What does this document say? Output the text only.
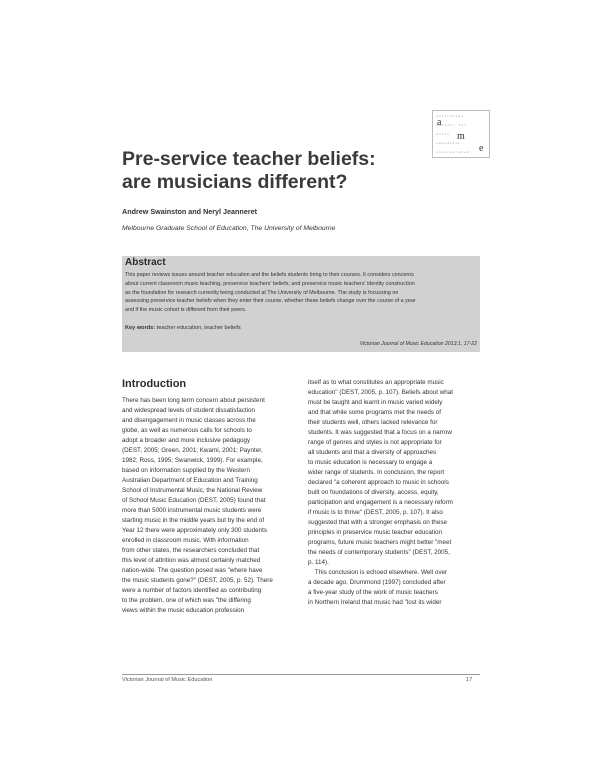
australian
society for
music
education
incorporated
a
m
e
Pre-service teacher beliefs:
are musicians different?
Andrew Swainston and Neryl Jeanneret
Melbourne Graduate School of Education, The University of Melbourne
Abstract
This paper reviews issues around teacher education and the beliefs students bring to their courses. It considers concerns
about current classroom music teaching, preservice teachers' beliefs, and preservice music teachers' identity construction
as the foundation for research currently being conducted at The University of Melbourne. The study is focussing on
assessing preservice teacher beliefs when they enter their course, whether these beliefs change over the course of a year
and if the music cohort is different from their peers.
Key words: teacher education, teacher beliefs
Victorian Journal of Music Education 2013:1, 17-22
Introduction
There has been long term concern about persistent
and widespread levels of student dissatisfaction
and disengagement in music classes across the
globe, as well as numerous calls for schools to
adopt a broader and more inclusive pedagogy
(DEST, 2005; Green, 2001; Kwami, 2001; Paynter,
1982; Ross, 1995; Swanwick, 1999). For example,
based on information supplied by the Western
Australian Department of Education and Training
School of Instrumental Music, the National Review
of School Music Education (DEST, 2005) found that
more than 5000 instrumental music students were
starting music in the middle years but by the end of
Year 12 there were approximately only 300 students
enrolled in classroom music. With information
from other states, the researchers concluded that
this level of attrition was almost certainly matched
nation-wide. The question posed was "where have
the music students gone?" (DEST, 2005, p. 52). There
were a number of factors identified as contributing
to the problem, one of which was "the differing
views within the music education profession
itself as to what constitutes an appropriate music
education" (DEST, 2005, p. 107). Beliefs about what
must be taught and learnt in music varied widely
and that while some programs met the needs of
their students well, others lacked relevance for
students. It was suggested that a focus on a narrow
range of genres and styles is not appropriate for
all students and that a diversity of approaches
to music education is necessary to engage a
wider range of students. In conclusion, the report
declared "a coherent approach to music in schools
built on foundations of diversity, access, equity,
participation and engagement is a necessary reform
if music is to thrive" (DEST, 2005, p. 107). It also
suggested that with a stronger emphasis on these
principles in preservice music teacher education
programs, future music teachers might better "meet
the needs of contemporary students" (DEST, 2005,
p. 114).
This conclusion is echoed elsewhere. Well over
a decade ago, Drummond (1997) concluded after
a five-year study of the work of music teachers
in Northern Ireland that music had "lost its wider
Victorian Journal of Music Education	17
